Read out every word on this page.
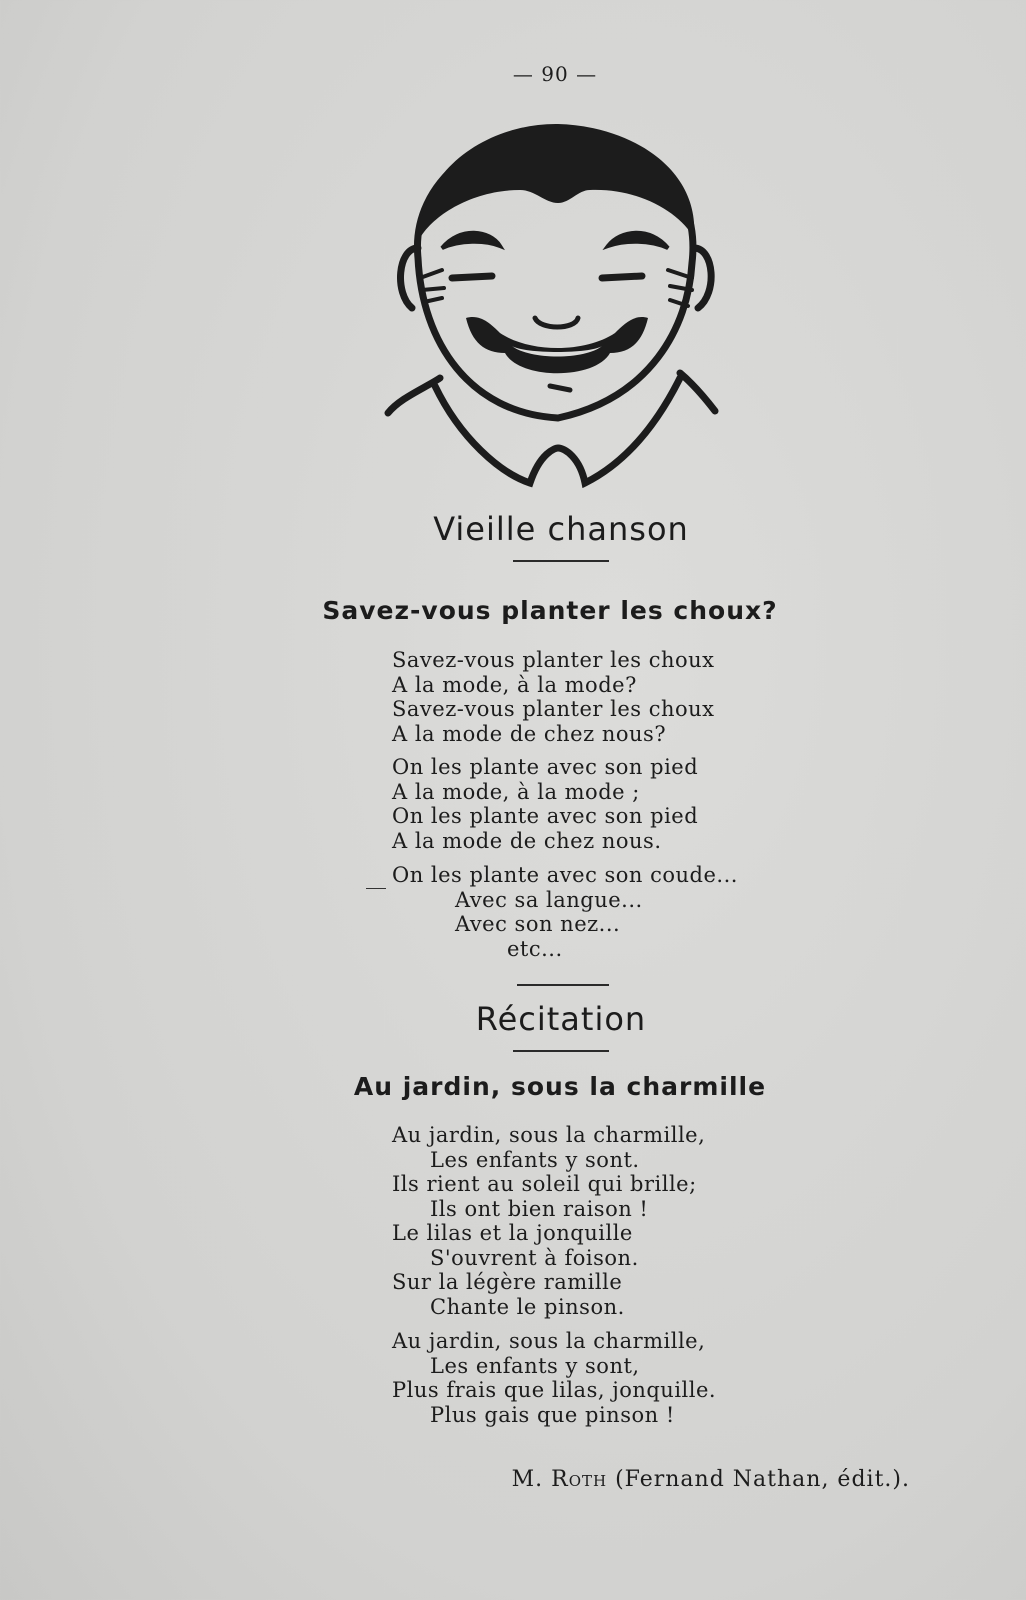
— 90 —
Vieille chanson
Savez-vous planter les choux?
Savez-vous planter les choux
A la mode, à la mode?
Savez-vous planter les choux
A la mode de chez nous?
On les plante avec son pied
A la mode, à la mode ;
On les plante avec son pied
A la mode de chez nous.
On les plante avec son coude...
Avec sa langue...
Avec son nez...
etc...
Récitation
Au jardin, sous la charmille
Au jardin, sous la charmille,
Les enfants y sont.
Ils rient au soleil qui brille;
Ils ont bien raison !
Le lilas et la jonquille
S'ouvrent à foison.
Sur la légère ramille
Chante le pinson.
Au jardin, sous la charmille,
Les enfants y sont,
Plus frais que lilas, jonquille.
Plus gais que pinson !
M. Roth (Fernand Nathan, édit.).
